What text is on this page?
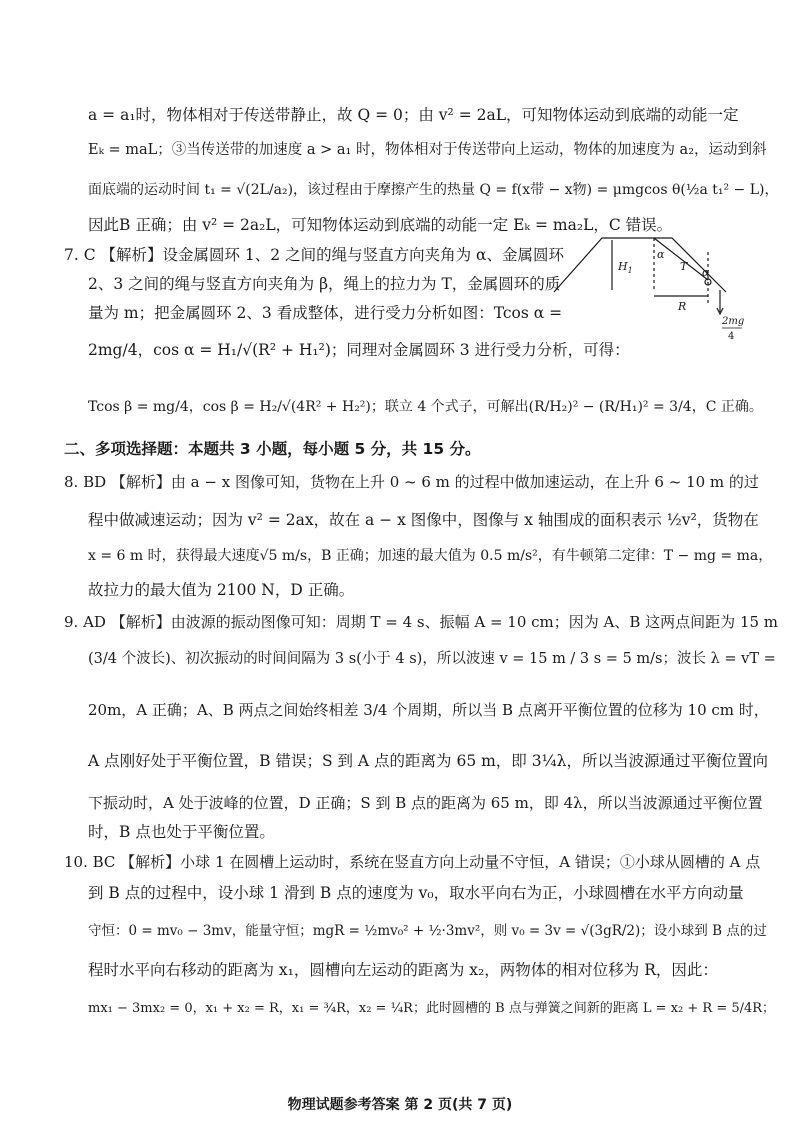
a = a₁时，物体相对于传送带静止，故 Q = 0；由 v² = 2aL，可知物体运动到底端的动能一定
Eₖ = maL；③当传送带的加速度 a > a₁ 时，物体相对于传送带向上运动，物体的加速度为 a₂，运动到斜
面底端的运动时间 t₁ = √(2L/a₂)，该过程由于摩擦产生的热量 Q = f(x带 − x物) = μmgcos θ(½a t₁² − L)，
因此B 正确；由 v² = 2a₂L，可知物体运动到底端的动能一定 Eₖ = ma₂L，C 错误。
7. C 【解析】设金属圆环 1、2 之间的绳与竖直方向夹角为 α、金属圆环
2、3 之间的绳与竖直方向夹角为 β，绳上的拉力为 T，金属圆环的质
量为 m；把金属圆环 2、3 看成整体，进行受力分析如图：Tcos α =
2mg/4，cos α = H₁/√(R² + H₁²)；同理对金属圆环 3 进行受力分析，可得：
Tcos β = mg/4，cos β = H₂/√(4R² + H₂²)；联立 4 个式子，可解出(R/H₂)² − (R/H₁)² = 3/4，C 正确。
$H_1$
α
T α
R
2mg
4
二、多项选择题：本题共 3 小题，每小题 5 分，共 15 分。
8. BD 【解析】由 a − x 图像可知，货物在上升 0 ~ 6 m 的过程中做加速运动，在上升 6 ~ 10 m 的过
程中做减速运动；因为 v² = 2ax，故在 a − x 图像中，图像与 x 轴围成的面积表示 ½v²，货物在
x = 6 m 时，获得最大速度√5 m/s，B 正确；加速的最大值为 0.5 m/s²，有牛顿第二定律：T − mg = ma，
故拉力的最大值为 2100 N，D 正确。
9. AD 【解析】由波源的振动图像可知：周期 T = 4 s、振幅 A = 10 cm；因为 A、B 这两点间距为 15 m
(3/4 个波长)、初次振动的时间间隔为 3 s(小于 4 s)，所以波速 v = 15 m / 3 s = 5 m/s；波长 λ = vT =
20m，A 正确；A、B 两点之间始终相差 3/4 个周期，所以当 B 点离开平衡位置的位移为 10 cm 时，
A 点刚好处于平衡位置，B 错误；S 到 A 点的距离为 65 m，即 3¼λ，所以当波源通过平衡位置向
下振动时，A 处于波峰的位置，D 正确；S 到 B 点的距离为 65 m，即 4λ，所以当波源通过平衡位置
时，B 点也处于平衡位置。
10. BC 【解析】小球 1 在圆槽上运动时，系统在竖直方向上动量不守恒，A 错误；①小球从圆槽的 A 点
到 B 点的过程中，设小球 1 滑到 B 点的速度为 v₀，取水平向右为正，小球圆槽在水平方向动量
守恒：0 = mv₀ − 3mv，能量守恒；mgR = ½mv₀² + ½·3mv²，则 v₀ = 3v = √(3gR/2)；设小球到 B 点的过
程时水平向右移动的距离为 x₁，圆槽向左运动的距离为 x₂，两物体的相对位移为 R，因此：
mx₁ − 3mx₂ = 0，x₁ + x₂ = R，x₁ = ¾R，x₂ = ¼R；此时圆槽的 B 点与弹簧之间新的距离 L = x₂ + R = 5/4R；
物理试题参考答案 第 2 页(共 7 页)
